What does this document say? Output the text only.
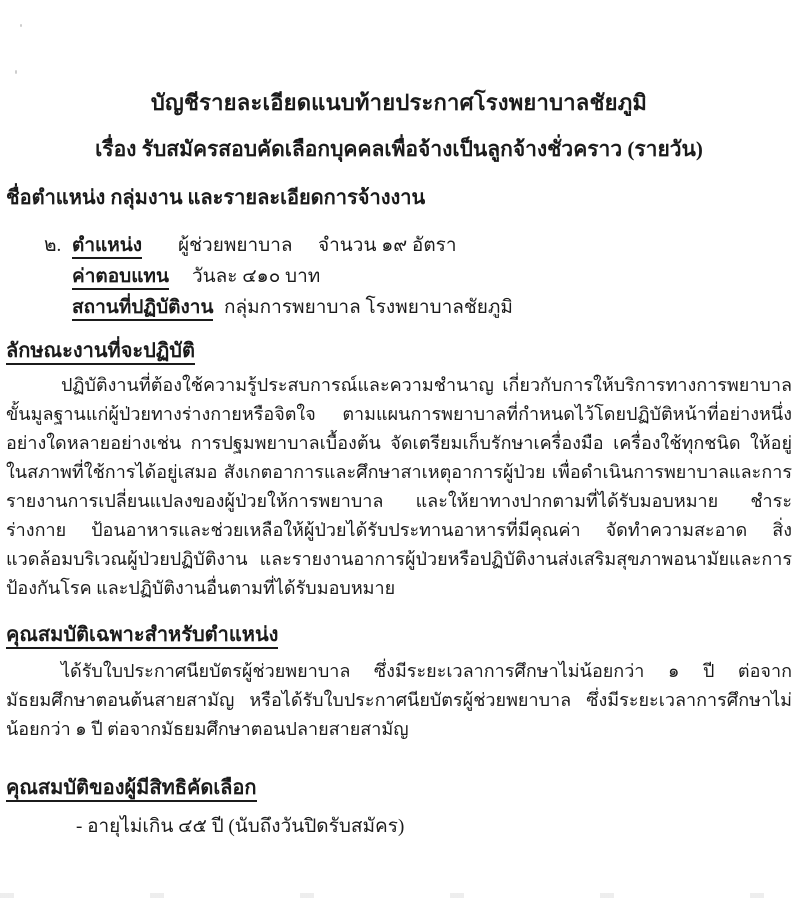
บัญชีรายละเอียดแนบท้ายประกาศโรงพยาบาลชัยภูมิ
เรื่อง รับสมัครสอบคัดเลือกบุคคลเพื่อจ้างเป็นลูกจ้างชั่วคราว (รายวัน)
ชื่อตำแหน่ง กลุ่มงาน และรายละเอียดการจ้างงาน
๒. ตำแหน่ง ผู้ช่วยพยาบาล จำนวน ๑๙ อัตรา
ค่าตอบแทน วันละ ๔๑๐ บาท
สถานที่ปฏิบัติงาน กลุ่มการพยาบาล โรงพยาบาลชัยภูมิ
ลักษณะงานที่จะปฏิบัติ

ปฏิบัติงานที่ต้องใช้ความรู้ประสบการณ์และความชำนาญ เกี่ยวกับการให้บริการทางการพยาบาลขั้นมูลฐานแก่ผู้ป่วยทางร่างกายหรือจิตใจ ตามแผนการพยาบาลที่กำหนดไว้โดยปฏิบัติหน้าที่อย่างหนึ่งอย่างใดหลายอย่างเช่น การปฐมพยาบาลเบื้องต้น จัดเตรียมเก็บรักษาเครื่องมือ เครื่องใช้ทุกชนิด ให้อยู่ในสภาพที่ใช้การได้อยู่เสมอ สังเกตอาการและศึกษาสาเหตุอาการผู้ป่วย เพื่อดำเนินการพยาบาลและการรายงานการเปลี่ยนแปลงของผู้ป่วยให้การพยาบาล และให้ยาทางปากตามที่ได้รับมอบหมาย ชำระร่างกาย ป้อนอาหารและช่วยเหลือให้ผู้ป่วยได้รับประทานอาหารที่มีคุณค่า จัดทำความสะอาด สิ่งแวดล้อมบริเวณผู้ป่วยปฏิบัติงาน และรายงานอาการผู้ป่วยหรือปฏิบัติงานส่งเสริมสุขภาพอนามัยและการป้องกันโรค และปฏิบัติงานอื่นตามที่ได้รับมอบหมาย

คุณสมบัติเฉพาะสำหรับตำแหน่ง

ได้รับใบประกาศนียบัตรผู้ช่วยพยาบาล ซึ่งมีระยะเวลาการศึกษาไม่น้อยกว่า ๑ ปี ต่อจากมัธยมศึกษาตอนต้นสายสามัญ หรือได้รับใบประกาศนียบัตรผู้ช่วยพยาบาล ซึ่งมีระยะเวลาการศึกษาไม่น้อยกว่า ๑ ปี ต่อจากมัธยมศึกษาตอนปลายสายสามัญ

คุณสมบัติของผู้มีสิทธิคัดเลือก
- อายุไม่เกิน ๔๕ ปี (นับถึงวันปิดรับสมัคร)
